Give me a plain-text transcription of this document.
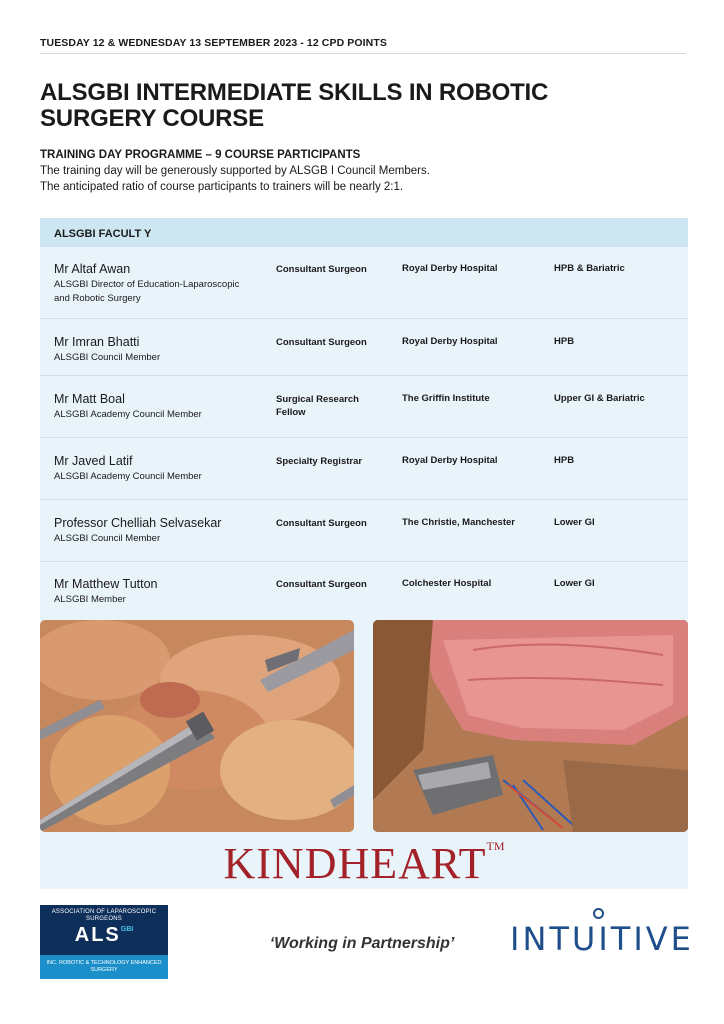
TUESDAY 12 & WEDNESDAY 13 SEPTEMBER 2023 - 12 CPD POINTS
ALSGBI INTERMEDIATE SKILLS IN ROBOTIC
SURGERY COURSE
TRAINING DAY PROGRAMME – 9 COURSE PARTICIPANTS
The training day will be generously supported by ALSGB I Council Members.
The anticipated ratio of course participants to trainers will be nearly 2:1.
ALSGBI FACULT Y
Mr Altaf Awan
ALSGBI Director of Education-Laparoscopic
and Robotic Surgery
Consultant Surgeon	Royal Derby Hospital	HPB & Bariatric
Mr Imran Bhatti
ALSGBI Council Member
Consultant Surgeon	Royal Derby Hospital	HPB
Mr Matt Boal
ALSGBI Academy Council Member
Surgical Research
Fellow
The Griffin Institute	Upper GI & Bariatric
Mr Javed Latif
ALSGBI Academy Council Member
Specialty Registrar	Royal Derby Hospital	HPB
Professor Chelliah Selvasekar
ALSGBI Council Member
Consultant Surgeon	The Christie, Manchester	Lower GI
Mr Matthew Tutton
ALSGBI Member
Consultant Surgeon	Colchester Hospital	Lower GI
KINDHEART™
ASSOCIATION OF LAPAROSCOPIC SURGEONS
$ALS^{GBI}$
INC. ROBOTIC & TECHNOLOGY ENHANCED SURGERY
‘Working in Partnership’	INTUITIVE
